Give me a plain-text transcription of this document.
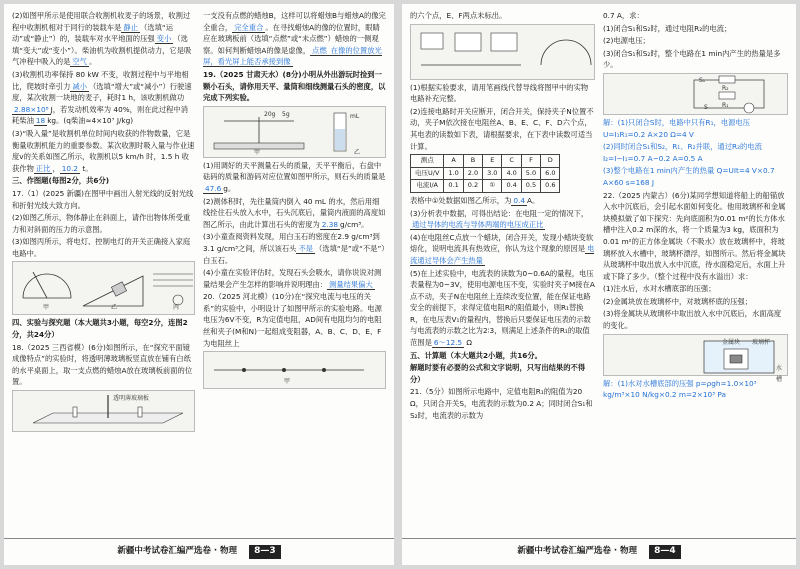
(2)如图甲所示是使用联合收割机收麦子的场景，收割过程中收割机相对于同行的装载车是 静止 （选填“运动”或“静止”）的，装载车对水平地面的压强 变小 （选填“变大”或“变小”）。柴油机为收割机提供动力，它是吸气冲程中吸入的是 空气 。

(3)收割机功率保持 80 kW 不变，收割过程中与平地相比，爬坡时牵引力 减小 （选填“增大”或“减小”）行驶速度，某次收割一块地的麦子，耗时1 h，该收割机做功2.88×10⁸ J，若发动机效率为 40%，则在此过程中消耗柴油 18 kg。(q柴油≈4×10⁷ J/kg)

(3)“吸入量”是收割机单位时间内收获的作物数量，它是衡量收割机能力的重要参数。某次收割时吸入量与作业速度v的关系如图乙所示，收割机以5 km/h 时，1.5 h 收获作物 正比 ， 10.2 t。

三、作图题(每图2分，共6分)

17.（1）(2025 新疆)在图甲中画出入射光线的反射光线和折射光线大致方向。

(2)如图乙所示，物体静止在斜面上，请作出物体所受重力和对斜面的压力的示意图。

(3)如图丙所示，将电灯、控制电灯的开关正确接入家庭电路中。

甲	乙	丙

四、实验与探究题（本大题共3小题，每空2分，连图2分，共24分）

18.（2025 三西省模）(6分)如图所示，在“探究平面镜成像特点”的实验时，将透明薄玻璃板竖直放在铺有白纸的水平桌面上，取一支点燃的蜡烛A放在玻璃板前面的位置。

透明薄玻璃板

一支没有点燃的蜡烛B，这样可以将蜡烛B与蜡烛A的像完全重合， 完全重合 。在寻找蜡烛A的像的位置时，眼睛应在玻璃板前（选填“点燃”或“未点燃”）蜡烛的一侧观察。如何判断蜡烛A的像是虚像， 点燃 在像的位置放光屏，看光屏上能否承接到像

19.（2025 甘肃天水）(8分)小明从外出游玩时捡到一颗小石头，请你用天平、量筒和细线测量石头的密度，以完成下列实验。

甲	乙
20g 5g	mL

(1)用调好的天平测量石头的质量，天平平衡后，右盘中砝码的质量和游码对应位置如图甲所示，则石头的质量是47.6 g。

(2)测体积时，先往量筒内倒入 40 mL 的水，然后用细线拴住石头放入水中，石头沉底后，量筒内液面的高度如图乙所示，由此计算出石头的密度为 2.38 g/cm³。

(3)小童查阅资料发现，用白玉石的密度在2.9 g/cm³到3.1 g/cm³之间，所以该石头 不是 （选填“是”或“不是”）白玉石。

(4)小童在实验评估时，发现石头会吸水，请你说说对测量结果会产生怎样的影响并说明理由： 测量结果偏大

20.（2025 河北模）(10分)在“探究电流与电压的关系”的实验中，小明设计了如图甲所示的实验电路。电源电压为6V不变，R为定值电阻，AD间有电阻均匀的电阻丝和夹子(M和N)一起组成变阻器，A、B、C、D、E、F为电阻丝上

甲
新疆中考试卷汇编严选卷 · 物理	8—3

的六个点，E、F两点未标出。

(1)根据实验要求，请用笔画线代替导线将图甲中的实物电路补充完整。

(2)连接电路时开关应断开，闭合开关，保持夹子N位置不动，夹子M依次接在电阻丝A、B、E、C、F、D六个点，其电表的读数如下表，请根据要求，在下表中读数可适当计算。

测点	A	B	E	C	F	D
电压U/V	1.0	2.0	3.0	4.0	5.0	6.0
电流I/A	0.1	0.2	①	0.4	0.5	0.6

表格中①处数据如图乙所示，为 0.4 A。

(3)分析表中数据，可得出结论：在电阻一定的情况下，通过导体的电流与导体两端的电压成正比

(4)在电阻丝C点放一个蜡块，闭合开关，发现小蜡块变软熔化，说明电流具有热效应，你认为这个现象的原因是 电流通过导体会产生热量

(5)在上述实验中，电流表的读数为0~0.6A的量程，电压表量程为0~3V，使用电源电压不变，实验时夹子M接在A点不动，夹子N在电阻丝上连续改变位置，能在保证电路安全的前提下，求得定值电阻R的阻值最小，则R₁替换R，在电压表V₁的量程内，替换后只要保证电压表的示数与电流表的示数之比为2∶3，则满足上述条件的R₁的取值范围是 6～12.5 Ω

五、计算题（本大题共2小题，共16分。

解题时要有必要的公式和文字说明，只写出结果的不得分）

21.（5分）如图所示电路中，定值电阻R₁的阻值为20 Ω，只闭合开关S，电流表的示数为0.2 A；同时闭合S₁和S₂时，电流表的示数为

0.7 A，求：

(1)闭合S₁和S₂时，通过电阻R₂的电流；

(2)电源电压；

(3)闭合S₁和S₂时，整个电路在1 min内产生的热量是多少。

S₁
R₂
R₁
S

解：(1)只闭合S时，电路中只有R₁，电源电压U=I₁R₁=0.2 A×20 Ω=4 V

(2)同时闭合S₁和S₂，R₁、R₂并联，通过R₂的电流 I₂=I−I₁=0.7 A−0.2 A=0.5 A

(3)整个电路在1 min内产生的热量 Q=UIt=4 V×0.7 A×60 s=168 J

22.（2025 内蒙古）(6分)某同学想知道将船上的船锚放入水中沉底后，会引起水面如何变化。他用玻璃杯和金属块模拟做了如下探究：先向底面积为0.01 m²的长方体水槽中注入0.2 m深的水，将一个质量为3 kg，底面积为0.01 m²的正方体金属块（不吸水）放在玻璃杯中，将玻璃杯放入水槽中，玻璃杯漂浮，如图所示。然后将金属块从玻璃杯中取出放入水中沉底，待水面稳定后，水面上升或下降了多少。（整个过程中没有水溢出）求：

(1)注水后，水对水槽底部的压强；

(2)金属块放在玻璃杯中，对玻璃杯底的压强；

(3)将金属块从玻璃杯中取出放入水中沉底后，水面高度的变化。

金属块 玻璃杯
水槽

解：(1)水对水槽底部的压强 p=ρgh=1.0×10³ kg/m³×10 N/kg×0.2 m=2×10³ Pa

新疆中考试卷汇编严选卷 · 物理	8—4
